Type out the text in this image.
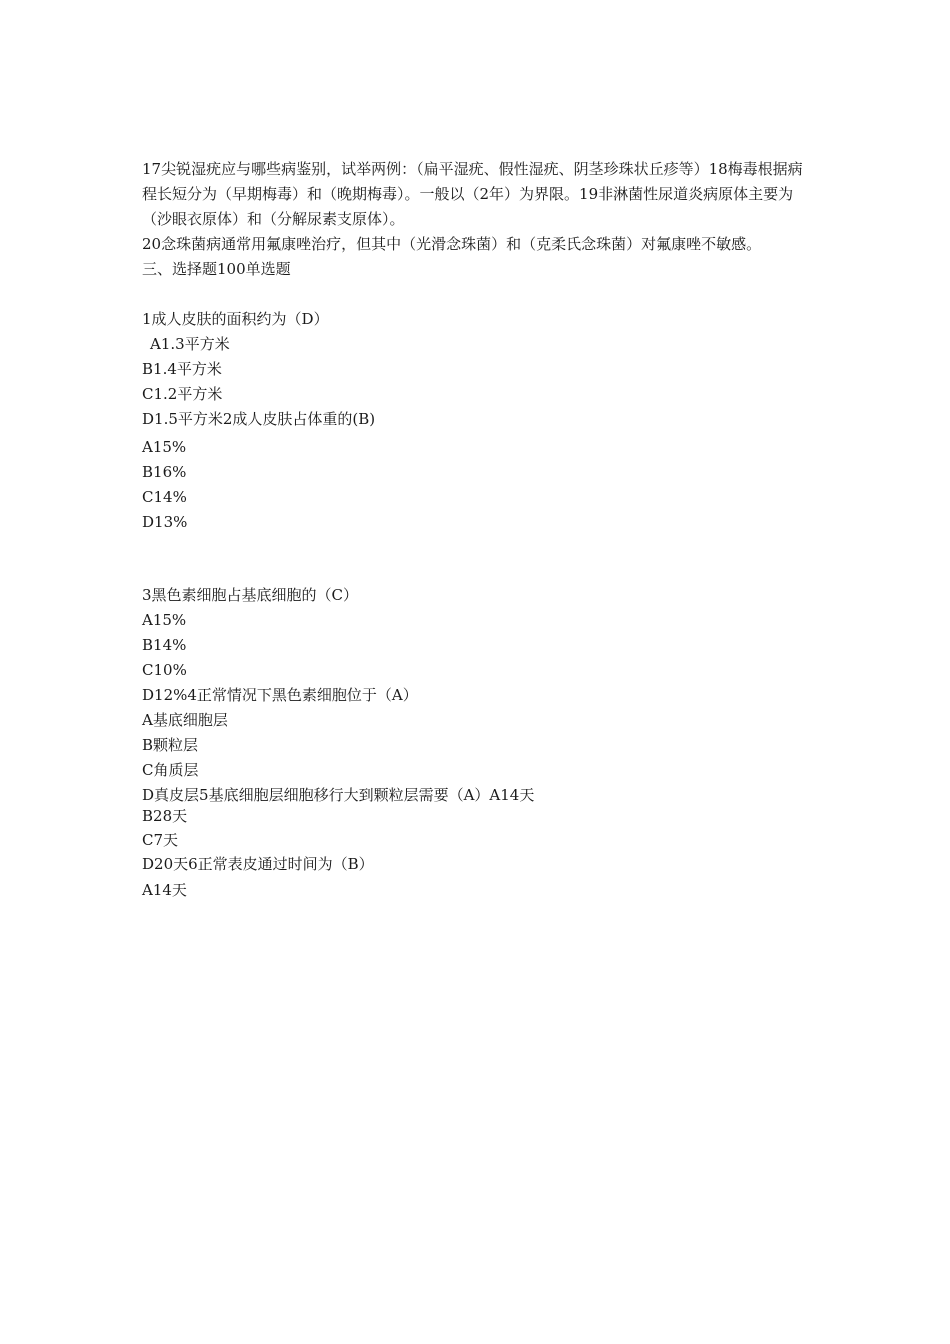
17尖锐湿疣应与哪些病鉴别，试举两例：（扁平湿疣、假性湿疣、阴茎珍珠状丘疹等）18梅毒根据病
程长短分为（早期梅毒）和（晚期梅毒）。一般以（2年）为界限。19非淋菌性尿道炎病原体主要为
（沙眼衣原体）和（分解尿素支原体）。
20念珠菌病通常用氟康唑治疗，但其中（光滑念珠菌）和（克柔氏念珠菌）对氟康唑不敏感。
三、选择题100单选题
1成人皮肤的面积约为（D）
A1.3平方米
B1.4平方米
C1.2平方米
D1.5平方米2成人皮肤占体重的(B)
A15%
B16%
C14%
D13%
3黑色素细胞占基底细胞的（C）
A15%
B14%
C10%
D12%4正常情况下黑色素细胞位于（A）
A基底细胞层
B颗粒层
C角质层
D真皮层5基底细胞层细胞移行大到颗粒层需要（A）A14天
B28天
C7天
D20天6正常表皮通过时间为（B）
A14天
